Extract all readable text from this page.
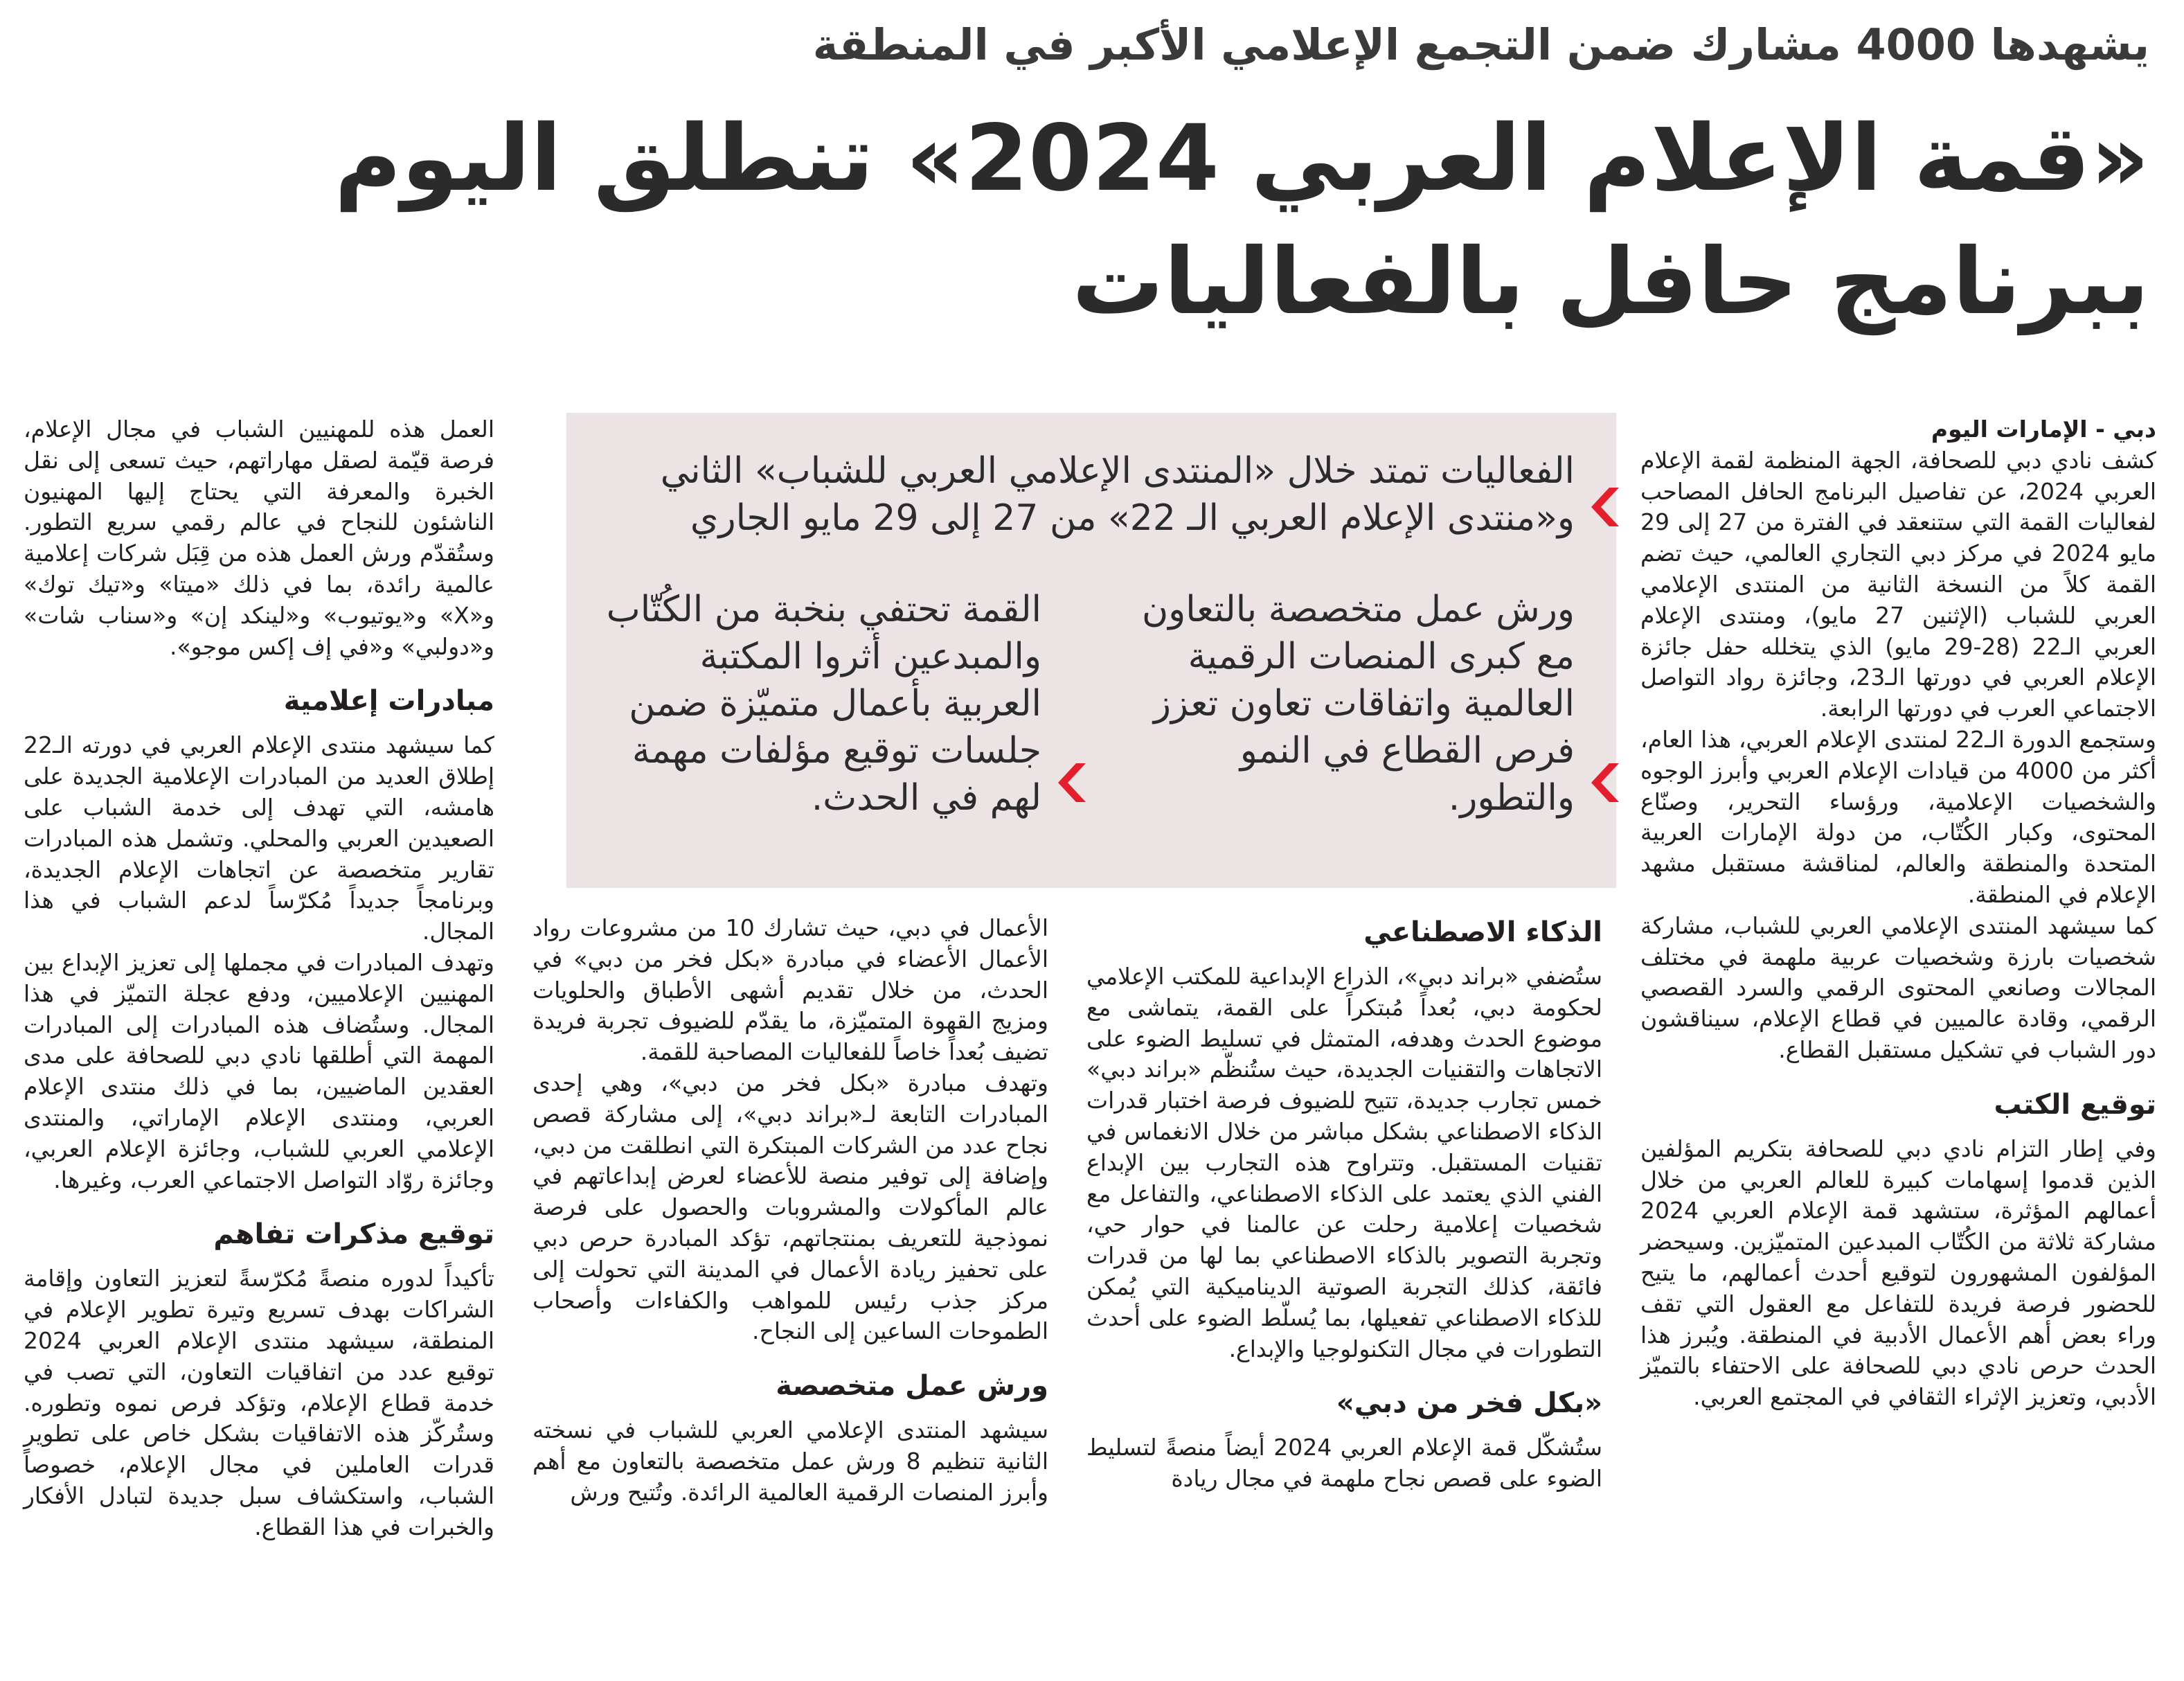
يشهدها 4000 مشارك ضمن التجمع الإعلامي الأكبر في المنطقة

«قمة الإعلام العربي 2024» تنطلق اليوم

ببرنامج حافل بالفعاليات

دبي - الإمارات اليوم

كشف نادي دبي للصحافة، الجهة المنظمة لقمة الإعلام العربي 2024، عن تفاصيل البرنامج الحافل المصاحب لفعاليات القمة التي ستنعقد في الفترة من 27 إلى 29 مايو 2024 في مركز دبي التجاري العالمي، حيث تضم القمة كلاً من النسخة الثانية من المنتدى الإعلامي العربي للشباب (الإثنين 27 مايو)، ومنتدى الإعلام العربي الـ22 (28-29 مايو) الذي يتخلله حفل جائزة الإعلام العربي في دورتها الـ23، وجائزة رواد التواصل الاجتماعي العرب في دورتها الرابعة.

وستجمع الدورة الـ22 لمنتدى الإعلام العربي، هذا العام، أكثر من 4000 من قيادات الإعلام العربي وأبرز الوجوه والشخصيات الإعلامية، ورؤساء التحرير، وصنّاع المحتوى، وكبار الكُتّاب، من دولة الإمارات العربية المتحدة والمنطقة والعالم، لمناقشة مستقبل مشهد الإعلام في المنطقة.

كما سيشهد المنتدى الإعلامي العربي للشباب، مشاركة شخصيات بارزة وشخصيات عربية ملهمة في مختلف المجالات وصانعي المحتوى الرقمي والسرد القصصي الرقمي، وقادة عالميين في قطاع الإعلام، سيناقشون دور الشباب في تشكيل مستقبل القطاع.

توقيع الكتب

وفي إطار التزام نادي دبي للصحافة بتكريم المؤلفين الذين قدموا إسهامات كبيرة للعالم العربي من خلال أعمالهم المؤثرة، ستشهد قمة الإعلام العربي 2024 مشاركة ثلاثة من الكُتّاب المبدعين المتميّزين. وسيحضر المؤلفون المشهورون لتوقيع أحدث أعمالهم، ما يتيح للحضور فرصة فريدة للتفاعل مع العقول التي تقف وراء بعض أهم الأعمال الأدبية في المنطقة. ويُبرز هذا الحدث حرص نادي دبي للصحافة على الاحتفاء بالتميّز الأدبي، وتعزيز الإثراء الثقافي في المجتمع العربي.

الفعاليات تمتد خلال «المنتدى الإعلامي العربي للشباب» الثاني و«منتدى الإعلام العربي الـ 22» من 27 إلى 29 مايو الجاري
ورش عمل متخصصة بالتعاون مع كبرى المنصات الرقمية العالمية واتفاقات تعاون تعزز فرص القطاع في النمو والتطور.
القمة تحتفي بنخبة من الكُتّاب والمبدعين أثروا المكتبة العربية بأعمال متميّزة ضمن جلسات توقيع مؤلفات مهمة لهم في الحدث.

الذكاء الاصطناعي

ستُضفي «براند دبي»، الذراع الإبداعية للمكتب الإعلامي لحكومة دبي، بُعداً مُبتكراً على القمة، يتماشى مع موضوع الحدث وهدفه، المتمثل في تسليط الضوء على الاتجاهات والتقنيات الجديدة، حيث ستُنظّم «براند دبي» خمس تجارب جديدة، تتيح للضيوف فرصة اختبار قدرات الذكاء الاصطناعي بشكل مباشر من خلال الانغماس في تقنيات المستقبل. وتتراوح هذه التجارب بين الإبداع الفني الذي يعتمد على الذكاء الاصطناعي، والتفاعل مع شخصيات إعلامية رحلت عن عالمنا في حوار حي، وتجربة التصوير بالذكاء الاصطناعي بما لها من قدرات فائقة، كذلك التجربة الصوتية الديناميكية التي يُمكن للذكاء الاصطناعي تفعيلها، بما يُسلّط الضوء على أحدث التطورات في مجال التكنولوجيا والإبداع.

«بكل فخر من دبي»

ستُشكّل قمة الإعلام العربي 2024 أيضاً منصةً لتسليط الضوء على قصص نجاح ملهمة في مجال ريادة

الأعمال في دبي، حيث تشارك 10 من مشروعات رواد الأعمال الأعضاء في مبادرة «بكل فخر من دبي» في الحدث، من خلال تقديم أشهى الأطباق والحلويات ومزيج القهوة المتميّزة، ما يقدّم للضيوف تجربة فريدة تضيف بُعداً خاصاً للفعاليات المصاحبة للقمة.

وتهدف مبادرة «بكل فخر من دبي»، وهي إحدى المبادرات التابعة لـ«براند دبي»، إلى مشاركة قصص نجاح عدد من الشركات المبتكرة التي انطلقت من دبي، وإضافة إلى توفير منصة للأعضاء لعرض إبداعاتهم في عالم المأكولات والمشروبات والحصول على فرصة نموذجية للتعريف بمنتجاتهم، تؤكد المبادرة حرص دبي على تحفيز ريادة الأعمال في المدينة التي تحولت إلى مركز جذب رئيس للمواهب والكفاءات وأصحاب الطموحات الساعين إلى النجاح.

ورش عمل متخصصة

سيشهد المنتدى الإعلامي العربي للشباب في نسخته الثانية تنظيم 8 ورش عمل متخصصة بالتعاون مع أهم وأبرز المنصات الرقمية العالمية الرائدة. وتُتيح ورش

العمل هذه للمهنيين الشباب في مجال الإعلام، فرصة قيّمة لصقل مهاراتهم، حيث تسعى إلى نقل الخبرة والمعرفة التي يحتاج إليها المهنيون الناشئون للنجاح في عالم رقمي سريع التطور. وستُقدّم ورش العمل هذه من قِبَل شركات إعلامية عالمية رائدة، بما في ذلك «ميتا» و«تيك توك» و«X» و«يوتيوب» و«لينكد إن» و«سناب شات» و«دولبي» و«في إف إكس موجو».

مبادرات إعلامية

كما سيشهد منتدى الإعلام العربي في دورته الـ22 إطلاق العديد من المبادرات الإعلامية الجديدة على هامشه، التي تهدف إلى خدمة الشباب على الصعيدين العربي والمحلي. وتشمل هذه المبادرات تقارير متخصصة عن اتجاهات الإعلام الجديدة، وبرنامجاً جديداً مُكرّساً لدعم الشباب في هذا المجال.

وتهدف المبادرات في مجملها إلى تعزيز الإبداع بين المهنيين الإعلاميين، ودفع عجلة التميّز في هذا المجال. وستُضاف هذه المبادرات إلى المبادرات المهمة التي أطلقها نادي دبي للصحافة على مدى العقدين الماضيين، بما في ذلك منتدى الإعلام العربي، ومنتدى الإعلام الإماراتي، والمنتدى الإعلامي العربي للشباب، وجائزة الإعلام العربي، وجائزة روّاد التواصل الاجتماعي العرب، وغيرها.

توقيع مذكرات تفاهم

تأكيداً لدوره منصةً مُكرّسةً لتعزيز التعاون وإقامة الشراكات بهدف تسريع وتيرة تطوير الإعلام في المنطقة، سيشهد منتدى الإعلام العربي 2024 توقيع عدد من اتفاقيات التعاون، التي تصب في خدمة قطاع الإعلام، وتؤكد فرص نموه وتطوره. وستُركّز هذه الاتفاقيات بشكل خاص على تطوير قدرات العاملين في مجال الإعلام، خصوصاً الشباب، واستكشاف سبل جديدة لتبادل الأفكار والخبرات في هذا القطاع.
